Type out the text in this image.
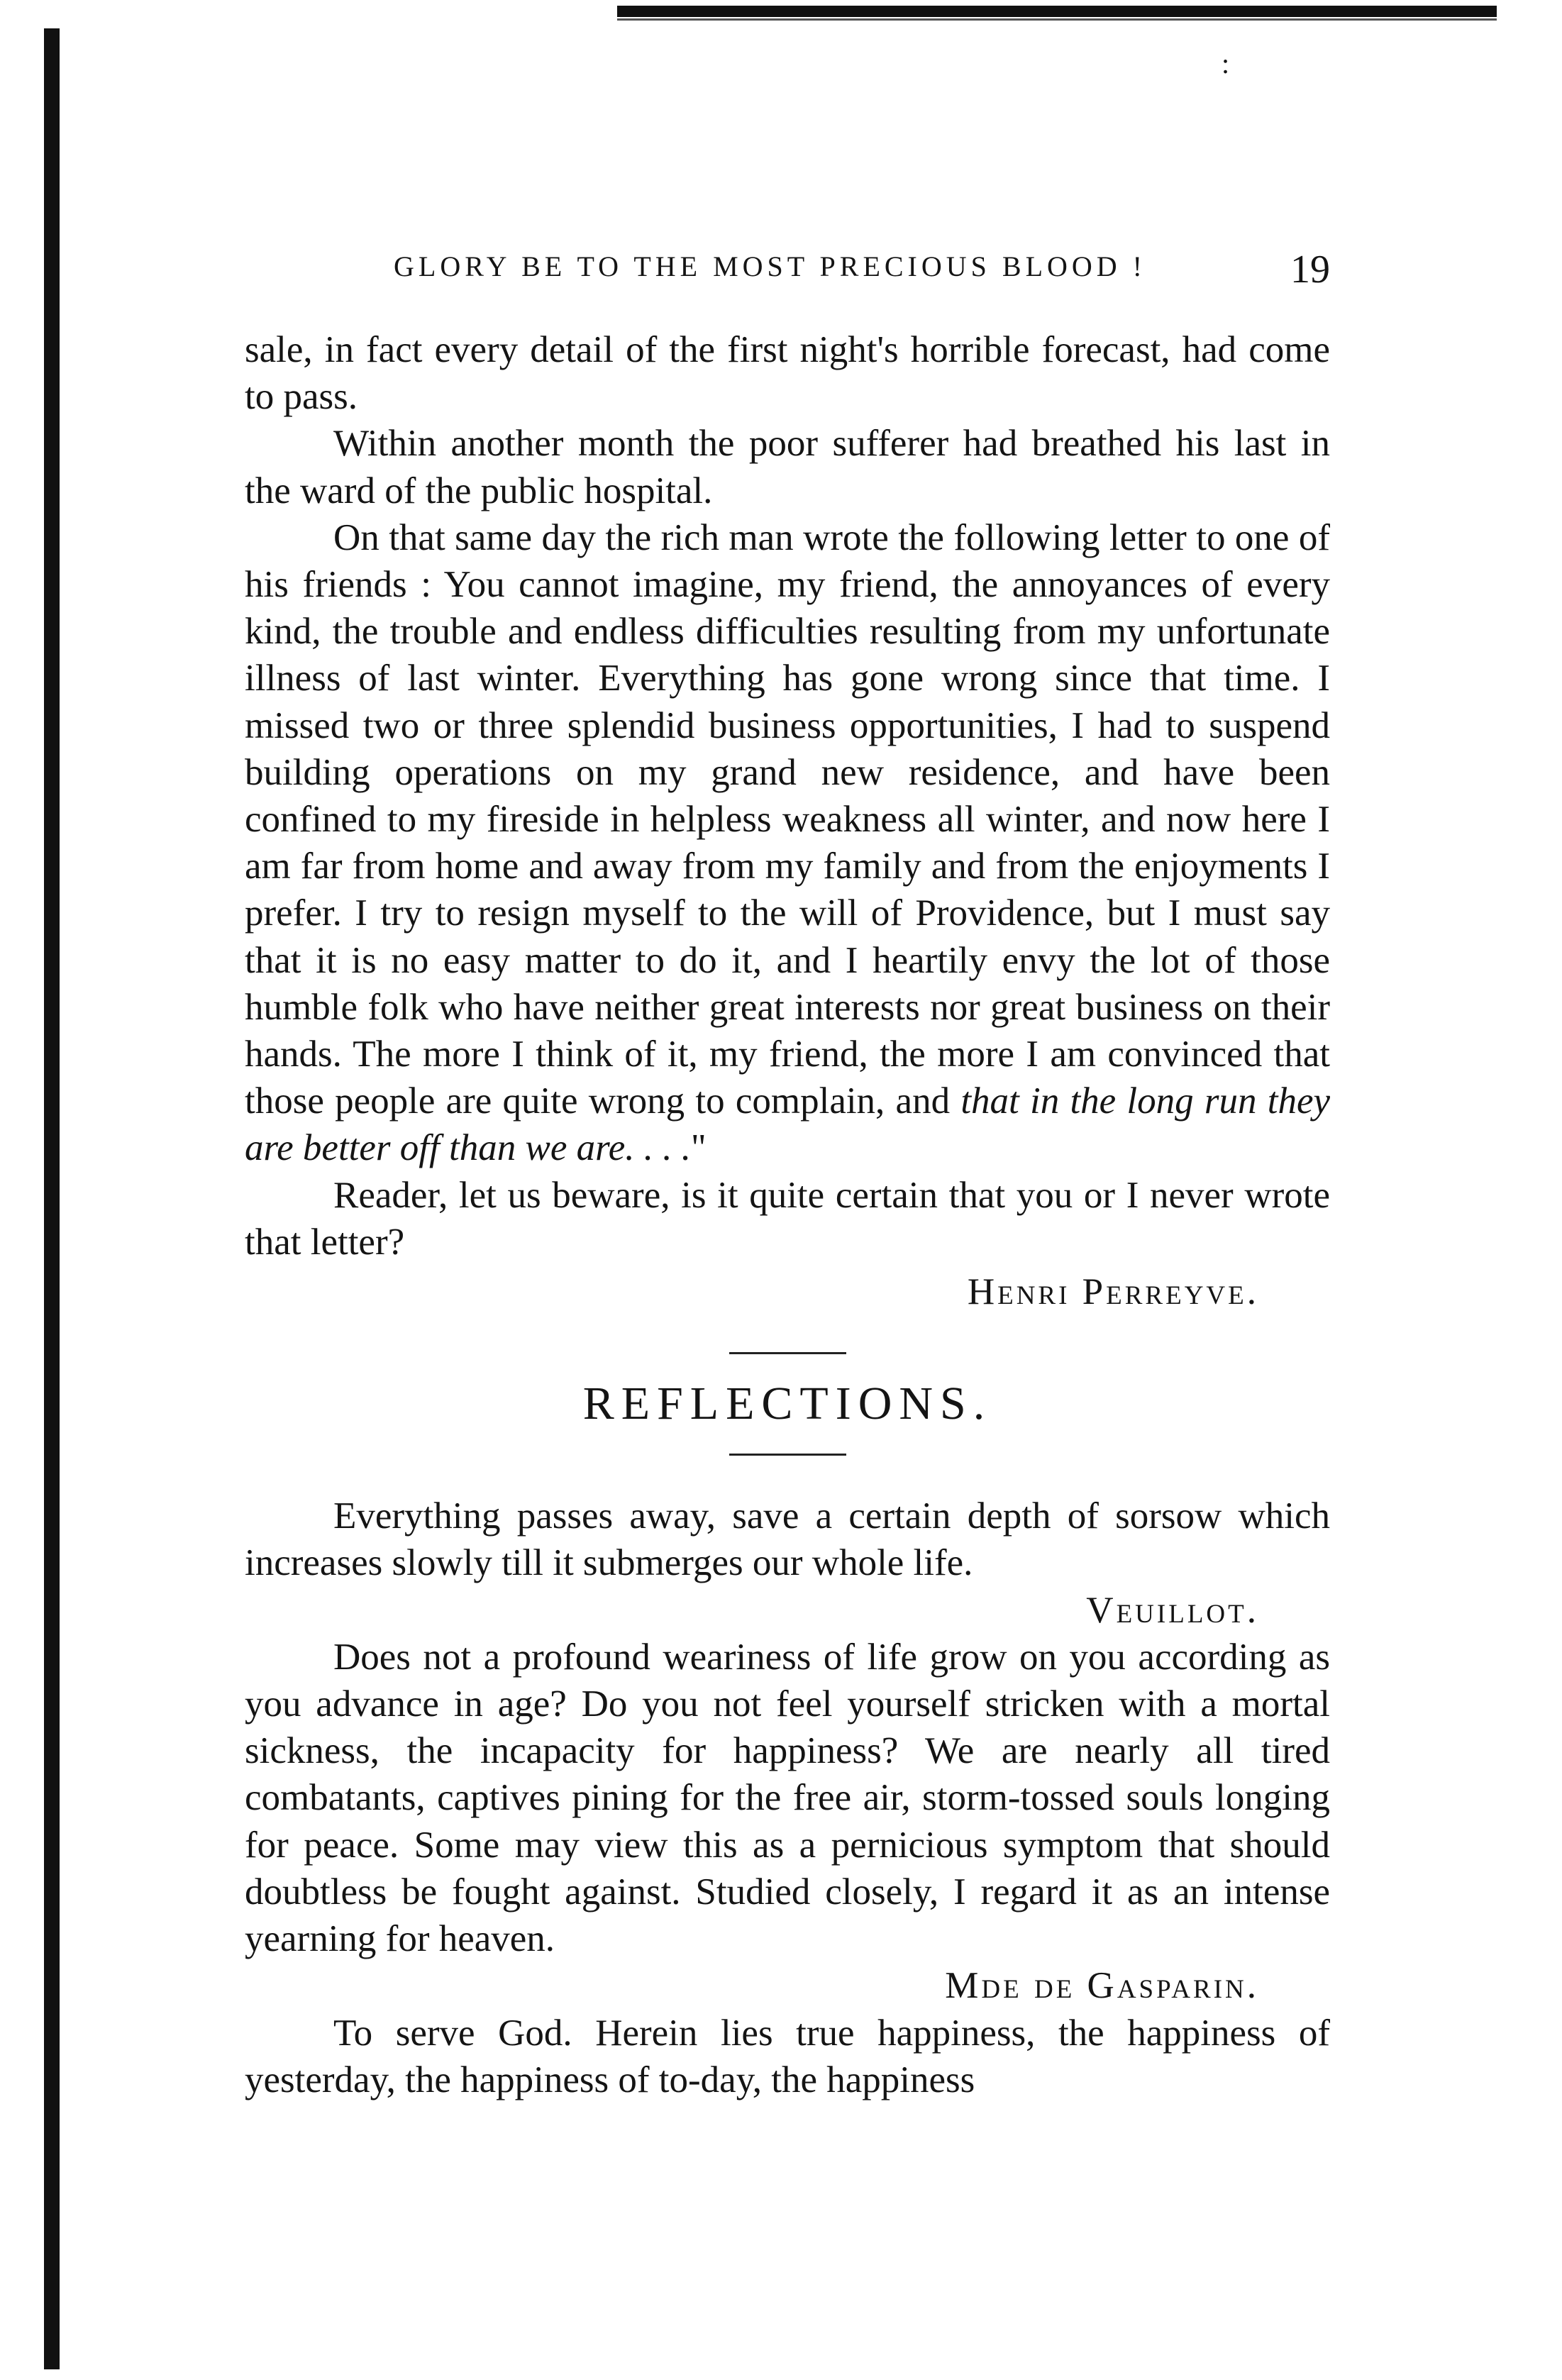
:
GLORY BE TO THE MOST PRECIOUS BLOOD !	19

sale, in fact every detail of the first night's horrible forecast, had come to pass.

Within another month the poor sufferer had breathed his last in the ward of the public hospital.

On that same day the rich man wrote the following letter to one of his friends : You cannot imagine, my friend, the annoyances of every kind, the trouble and endless difficulties resulting from my unfortunate illness of last winter. Everything has gone wrong since that time. I missed two or three splendid business opportunities, I had to suspend building operations on my grand new residence, and have been confined to my fireside in helpless weakness all winter, and now here I am far from home and away from my family and from the enjoyments I prefer. I try to resign myself to the will of Providence, but I must say that it is no easy matter to do it, and I heartily envy the lot of those humble folk who have neither great interests nor great business on their hands. The more I think of it, my friend, the more I am convinced that those people are quite wrong to complain, and that in the long run they are better off than we are. . . ."

Reader, let us beware, is it quite certain that you or I never wrote that letter?

Henri Perreyve.

REFLECTIONS.

Everything passes away, save a certain depth of sorsow which increases slowly till it submerges our whole life.

Veuillot.

Does not a profound weariness of life grow on you according as you advance in age? Do you not feel yourself stricken with a mortal sickness, the incapacity for happiness? We are nearly all tired combatants, captives pining for the free air, storm-tossed souls longing for peace. Some may view this as a pernicious symptom that should doubtless be fought against. Studied closely, I regard it as an intense yearning for heaven.

Mde de Gasparin.

To serve God. Herein lies true happiness, the happiness of yesterday, the happiness of to-day, the happiness
